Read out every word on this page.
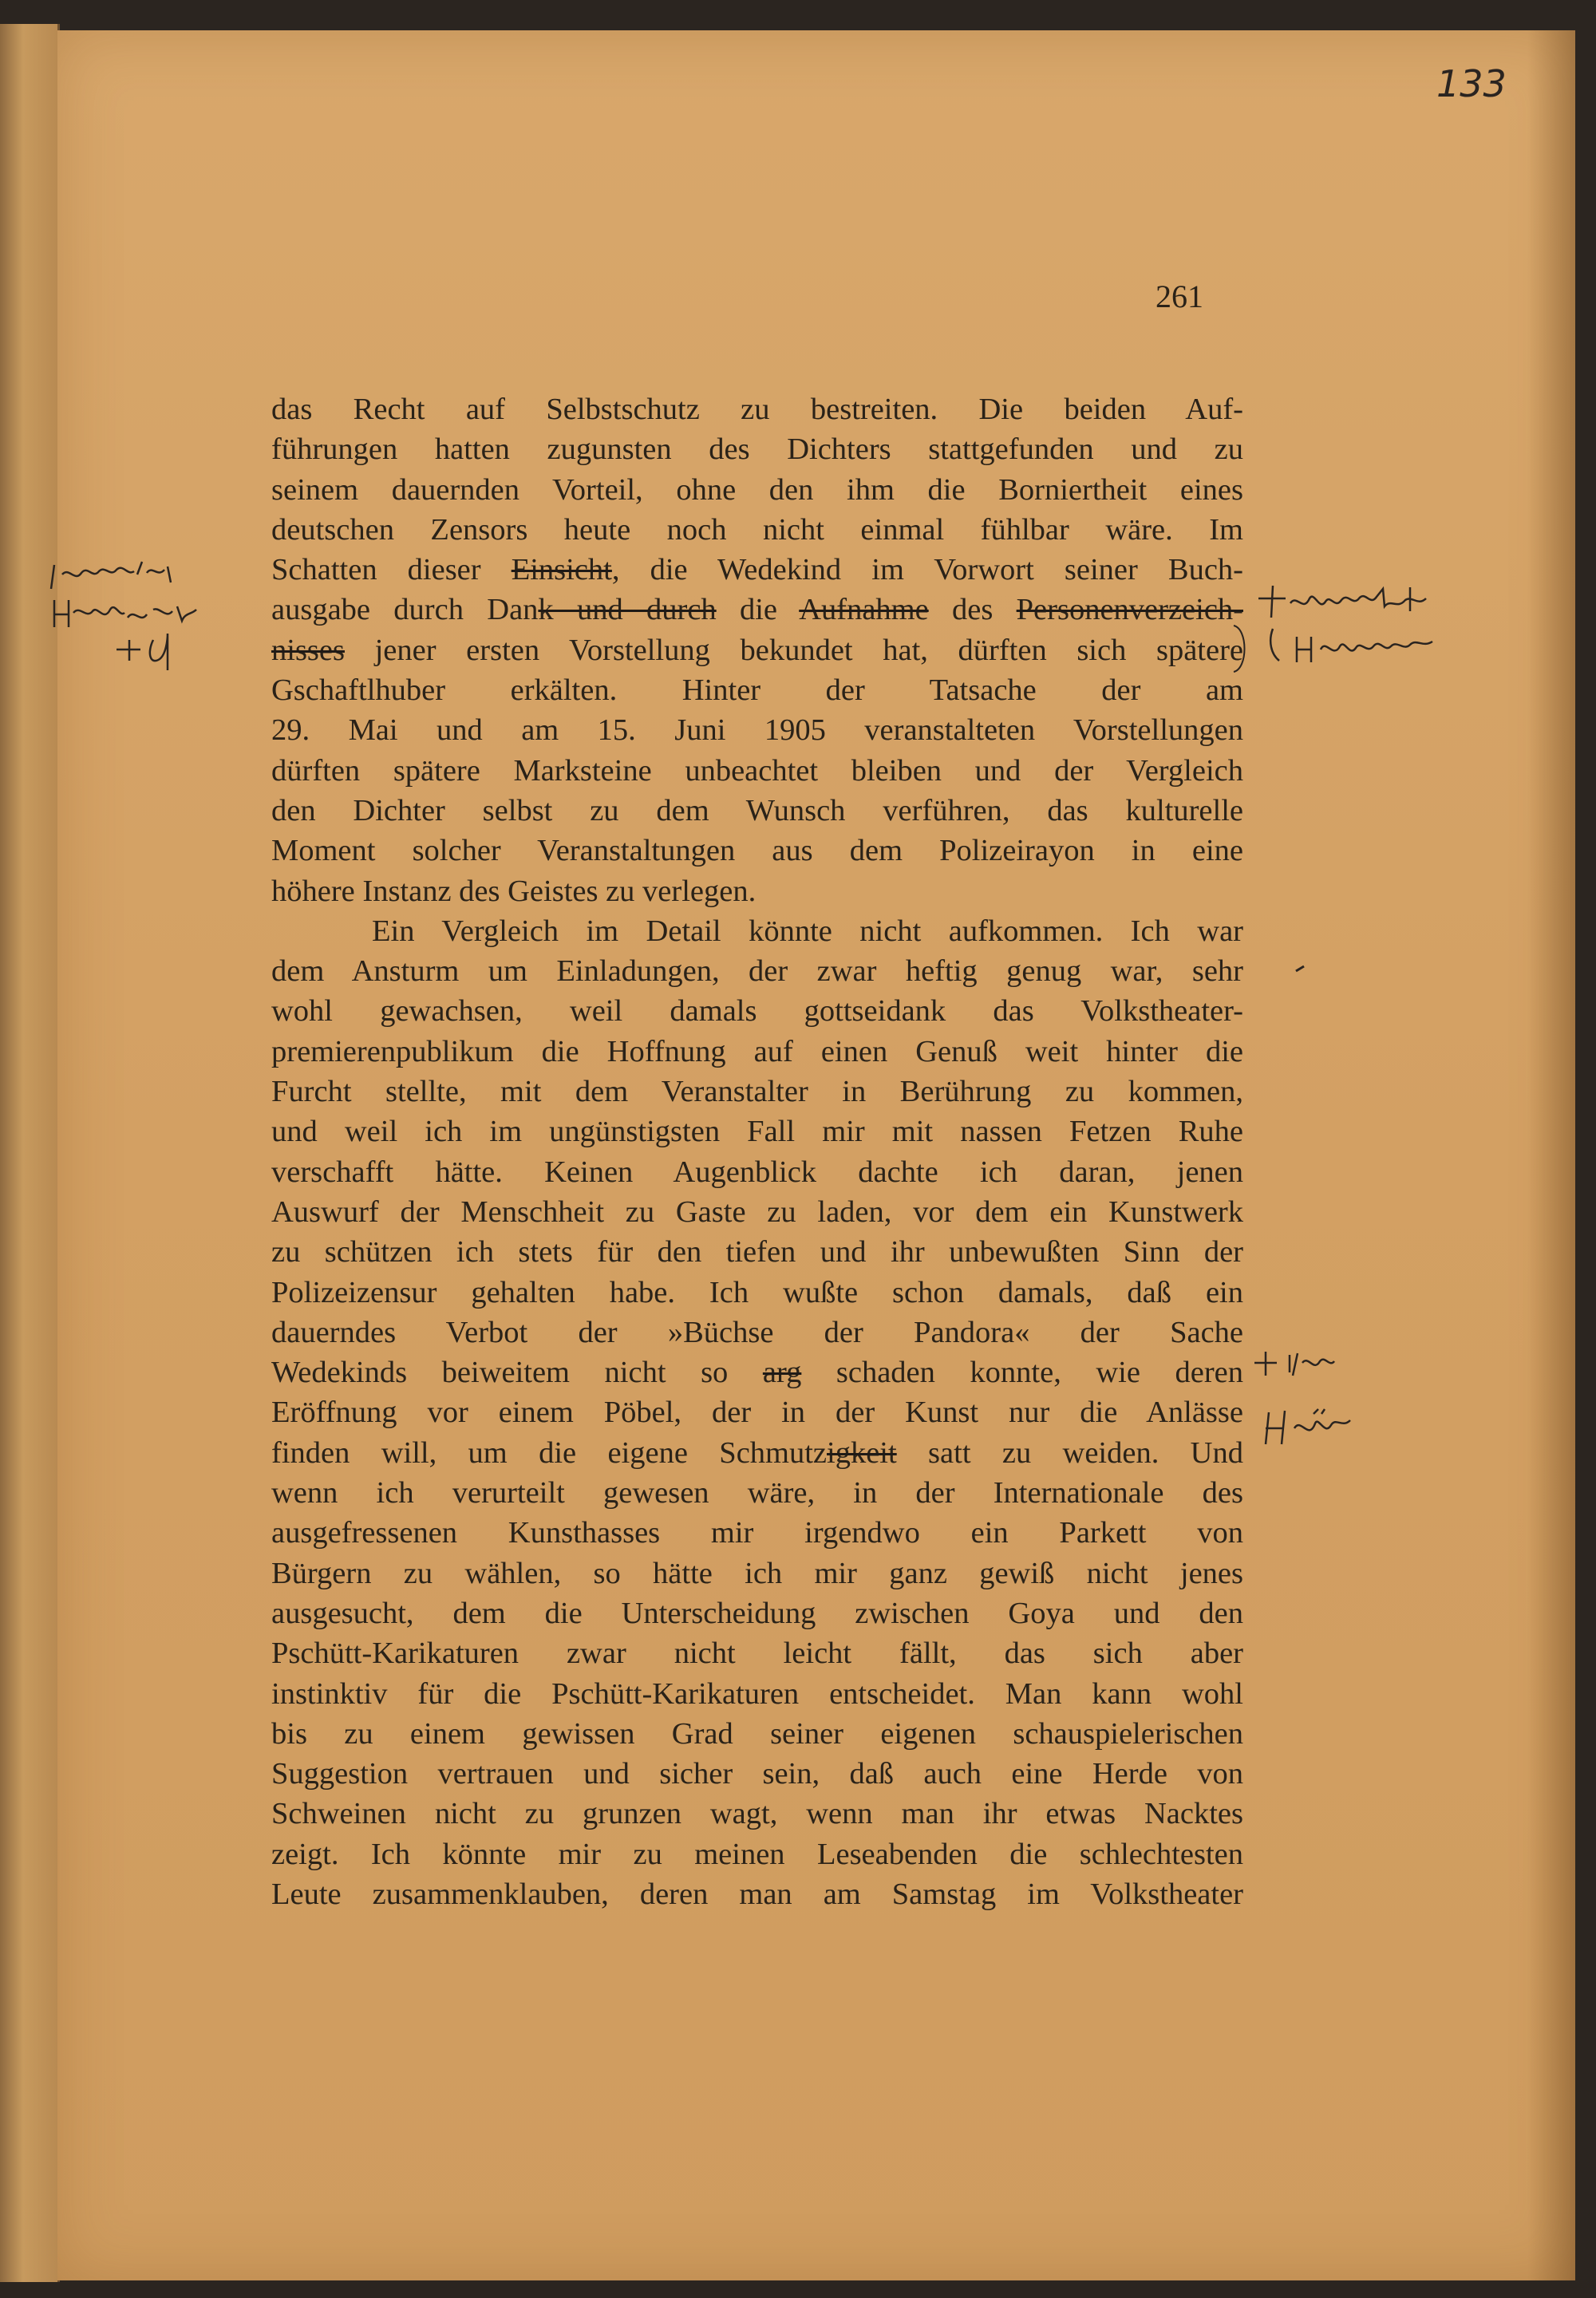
133
261
das Recht auf Selbstschutz zu bestreiten. Die beiden Auf-
führungen hatten zugunsten des Dichters stattgefunden und zu
seinem dauernden Vorteil, ohne den ihm die Borniertheit eines
deutschen Zensors heute noch nicht einmal fühlbar wäre. Im
Schatten dieser Einsicht, die Wedekind im Vorwort seiner Buch-
ausgabe durch Dank und durch die Aufnahme des Personenverzeich-
nisses jener ersten Vorstellung bekundet hat, dürften sich spätere
Gschaftlhuber erkälten. Hinter der Tatsache der am
29. Mai und am 15. Juni 1905 veranstalteten Vorstellungen
dürften spätere Marksteine unbeachtet bleiben und der Vergleich
den Dichter selbst zu dem Wunsch verführen, das kulturelle
Moment solcher Veranstaltungen aus dem Polizeirayon in eine
höhere Instanz des Geistes zu verlegen.
Ein Vergleich im Detail könnte nicht aufkommen. Ich war
dem Ansturm um Einladungen, der zwar heftig genug war, sehr
wohl gewachsen, weil damals gottseidank das Volkstheater-
premierenpublikum die Hoffnung auf einen Genuß weit hinter die
Furcht stellte, mit dem Veranstalter in Berührung zu kommen,
und weil ich im ungünstigsten Fall mir mit nassen Fetzen Ruhe
verschafft hätte. Keinen Augenblick dachte ich daran, jenen
Auswurf der Menschheit zu Gaste zu laden, vor dem ein Kunstwerk
zu schützen ich stets für den tiefen und ihr unbewußten Sinn der
Polizeizensur gehalten habe. Ich wußte schon damals, daß ein
dauerndes Verbot der »Büchse der Pandora« der Sache
Wedekinds beiweitem nicht so arg schaden konnte, wie deren
Eröffnung vor einem Pöbel, der in der Kunst nur die Anlässe
finden will, um die eigene Schmutzigkeit satt zu weiden. Und
wenn ich verurteilt gewesen wäre, in der Internationale des
ausgefressenen Kunsthasses mir irgendwo ein Parkett von
Bürgern zu wählen, so hätte ich mir ganz gewiß nicht jenes
ausgesucht, dem die Unterscheidung zwischen Goya und den
Pschütt-Karikaturen zwar nicht leicht fällt, das sich aber
instinktiv für die Pschütt-Karikaturen entscheidet. Man kann wohl
bis zu einem gewissen Grad seiner eigenen schauspielerischen
Suggestion vertrauen und sicher sein, daß auch eine Herde von
Schweinen nicht zu grunzen wagt, wenn man ihr etwas Nacktes
zeigt. Ich könnte mir zu meinen Leseabenden die schlechtesten
Leute zusammenklauben, deren man am Samstag im Volkstheater
